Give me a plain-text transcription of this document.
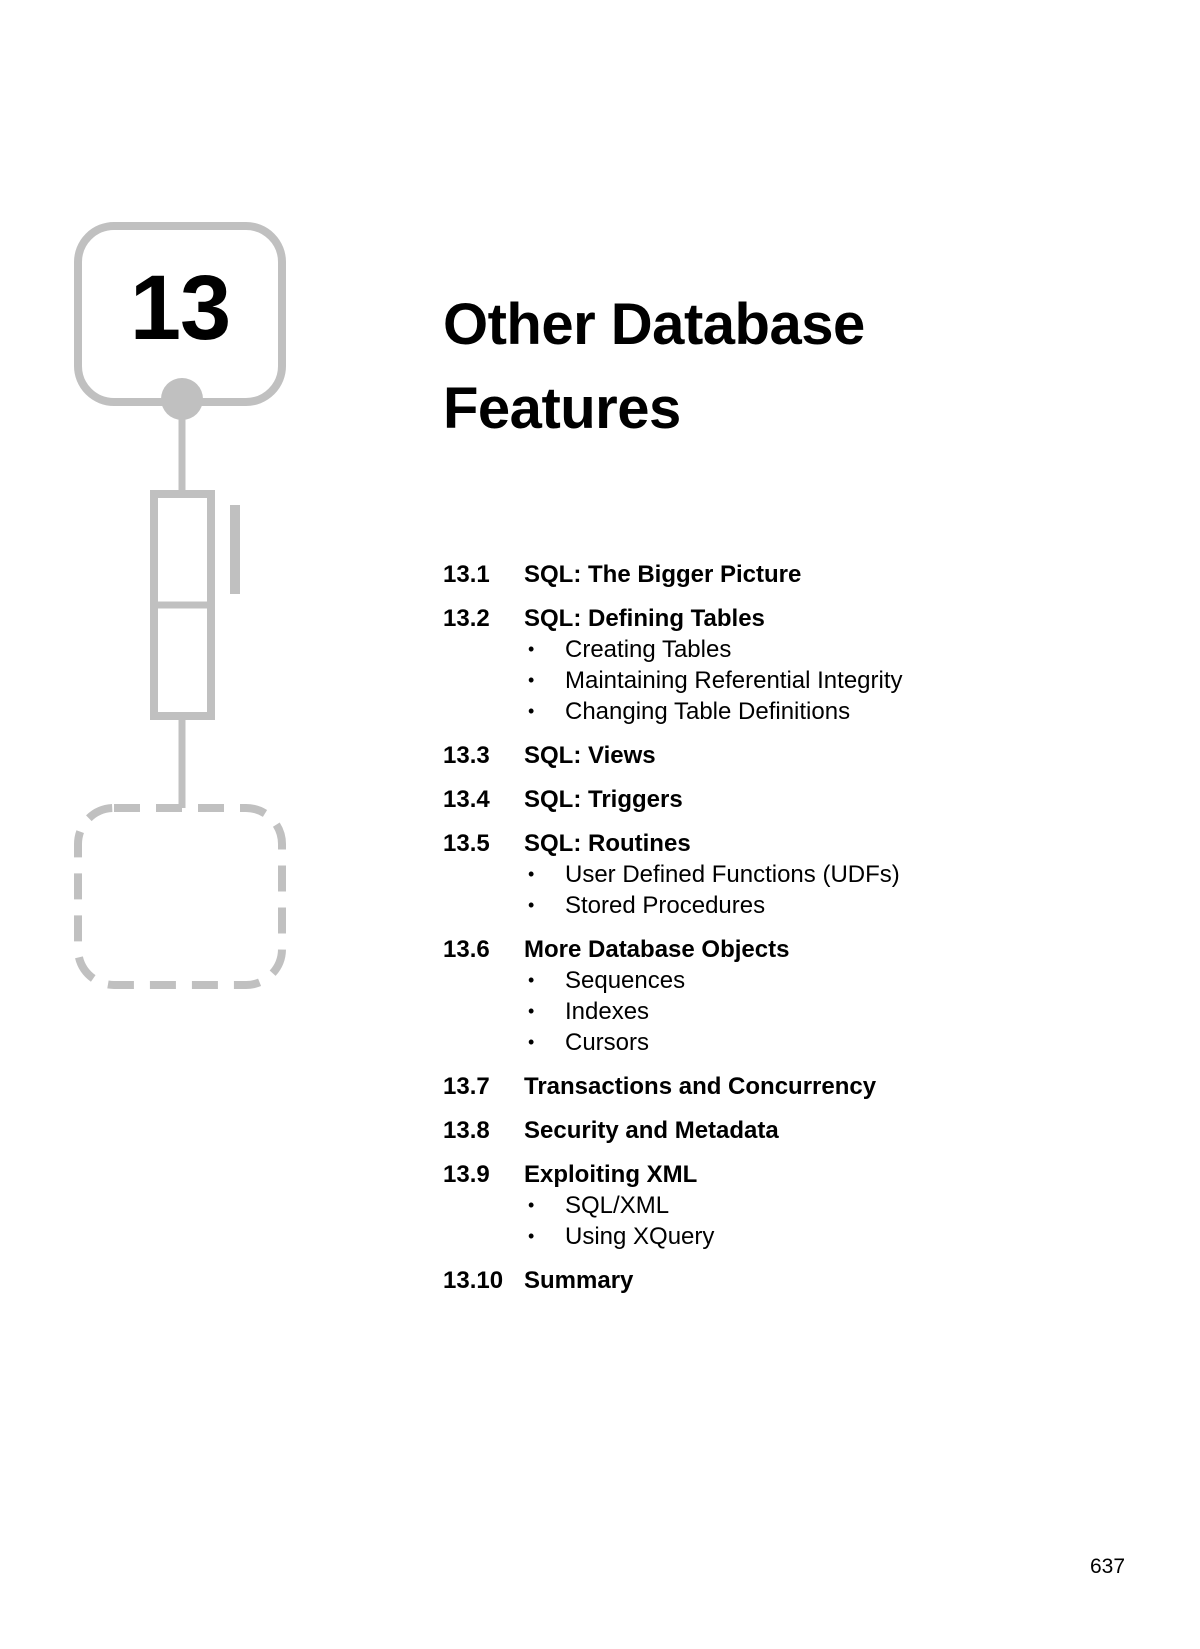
13	Other Database
Features
13.1	SQL: The Bigger Picture
13.2	SQL: Defining Tables
•	Creating Tables
•	Maintaining Referential Integrity
•	Changing Table Definitions
13.3	SQL: Views
13.4	SQL: Triggers
13.5	SQL: Routines
•	User Defined Functions (UDFs)
•	Stored Procedures
13.6	More Database Objects
•	Sequences
•	Indexes
•	Cursors
13.7	Transactions and Concurrency
13.8	Security and Metadata
13.9	Exploiting XML
•	SQL/XML
•	Using XQuery
13.10 Summary
637
